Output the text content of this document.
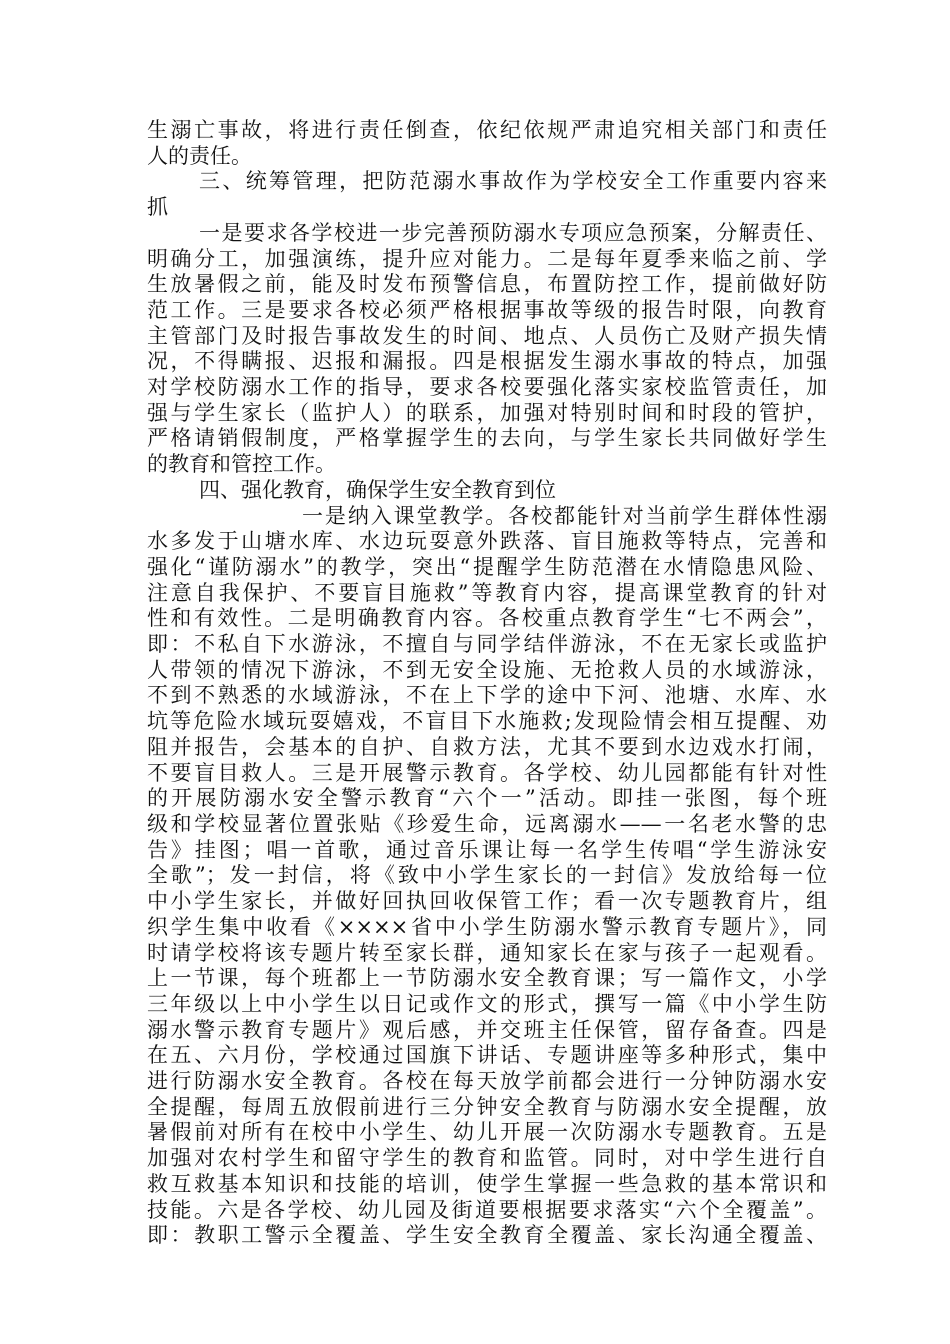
生溺亡事故，将进行责任倒查，依纪依规严肃追究相关部门和责任
人的责任。
三、统筹管理，把防范溺水事故作为学校安全工作重要内容来
抓
一是要求各学校进一步完善预防溺水专项应急预案，分解责任、
明确分工，加强演练，提升应对能力。二是每年夏季来临之前、学
生放暑假之前，能及时发布预警信息，布置防控工作，提前做好防
范工作。三是要求各校必须严格根据事故等级的报告时限，向教育
主管部门及时报告事故发生的时间、地点、人员伤亡及财产损失情
况，不得瞒报、迟报和漏报。四是根据发生溺水事故的特点，加强
对学校防溺水工作的指导，要求各校要强化落实家校监管责任，加
强与学生家长（监护人）的联系，加强对特别时间和时段的管护，
严格请销假制度，严格掌握学生的去向，与学生家长共同做好学生
的教育和管控工作。
四、强化教育，确保学生安全教育到位
一是纳入课堂教学。各校都能针对当前学生群体性溺
水多发于山塘水库、水边玩耍意外跌落、盲目施救等特点，完善和
强化“谨防溺水”的教学，突出“提醒学生防范潜在水情隐患风险、
注意自我保护、不要盲目施救”等教育内容，提高课堂教育的针对
性和有效性。二是明确教育内容。各校重点教育学生“七不两会”，
即：不私自下水游泳，不擅自与同学结伴游泳，不在无家长或监护
人带领的情况下游泳，不到无安全设施、无抢救人员的水域游泳，
不到不熟悉的水域游泳，不在上下学的途中下河、池塘、水库、水
坑等危险水域玩耍嬉戏，不盲目下水施救;发现险情会相互提醒、劝
阻并报告，会基本的自护、自救方法，尤其不要到水边戏水打闹，
不要盲目救人。三是开展警示教育。各学校、幼儿园都能有针对性
的开展防溺水安全警示教育“六个一”活动。即挂一张图，每个班
级和学校显著位置张贴《珍爱生命，远离溺水——一名老水警的忠
告》挂图；唱一首歌，通过音乐课让每一名学生传唱“学生游泳安
全歌”；发一封信，将《致中小学生家长的一封信》发放给每一位
中小学生家长，并做好回执回收保管工作；看一次专题教育片，组
织学生集中收看《××××省中小学生防溺水警示教育专题片》，同
时请学校将该专题片转至家长群，通知家长在家与孩子一起观看。
上一节课，每个班都上一节防溺水安全教育课；写一篇作文，小学
三年级以上中小学生以日记或作文的形式，撰写一篇《中小学生防
溺水警示教育专题片》观后感，并交班主任保管，留存备查。四是
在五、六月份，学校通过国旗下讲话、专题讲座等多种形式，集中
进行防溺水安全教育。各校在每天放学前都会进行一分钟防溺水安
全提醒，每周五放假前进行三分钟安全教育与防溺水安全提醒，放
暑假前对所有在校中小学生、幼儿开展一次防溺水专题教育。五是
加强对农村学生和留守学生的教育和监管。同时，对中学生进行自
救互救基本知识和技能的培训，使学生掌握一些急救的基本常识和
技能。六是各学校、幼儿园及街道要根据要求落实“六个全覆盖”。
即：教职工警示全覆盖、学生安全教育全覆盖、家长沟通全覆盖、
